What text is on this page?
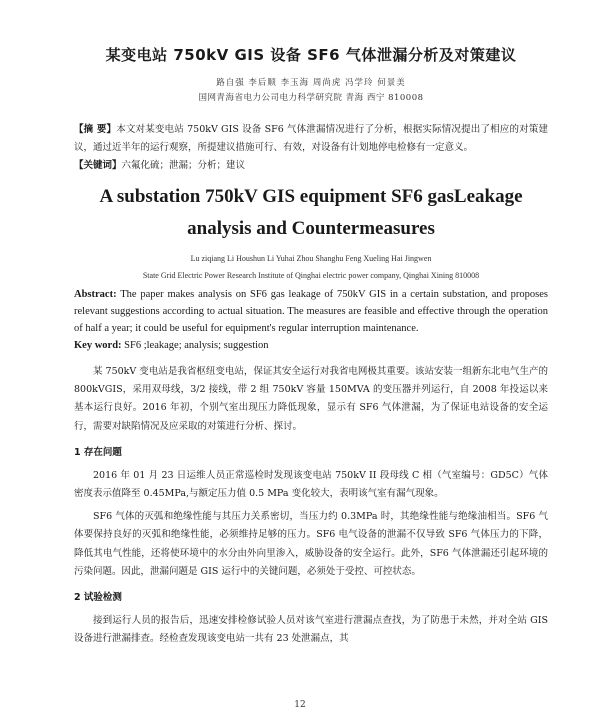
某变电站 750kV GIS 设备 SF6 气体泄漏分析及对策建议
路自强 李后顺 李玉海 周尚虎 冯学玲 何景美
国网青海省电力公司电力科学研究院 青海 西宁 810008

【摘 要】本文对某变电站 750kV GIS 设备 SF6 气体泄漏情况进行了分析，根据实际情况提出了相应的对策建议，通过近半年的运行观察，所提建议措施可行、有效，对设备有计划地停电检修有一定意义。

【关键词】六氟化硫；泄漏；分析；建议

A substation 750kV GIS equipment SF6 gasLeakage analysis and Countermeasures
Lu ziqiang Li Houshun Li Yuhai Zhou Shanghu Feng Xueling Hai Jingwen
State Grid Electric Power Research Institute of Qinghai electric power company, Qinghai Xining 810008

Abstract: The paper makes analysis on SF6 gas leakage of 750kV GIS in a certain substation, and proposes relevant suggestions according to actual situation. The measures are feasible and effective through the operation of half a year; it could be useful for equipment's regular interruption maintenance.

Key word: SF6 ;leakage; analysis; suggestion

某 750kV 变电站是我省枢纽变电站，保证其安全运行对我省电网极其重要。该站安装一组新东北电气生产的 800kVGIS，采用双母线，3/2 接线，带 2 组 750kV 容量 150MVA 的变压器并列运行，自 2008 年投运以来基本运行良好。2016 年初，个别气室出现压力降低现象，显示有 SF6 气体泄漏，为了保证电站设备的安全运行，需要对缺陷情况及应采取的对策进行分析、探讨。

1 存在问题

2016 年 01 月 23 日运维人员正常巡检时发现该变电站 750kV II 段母线 C 相（气室编号：GD5C）气体密度表示值降至 0.45MPa,与额定压力值 0.5 MPa 变化较大，表明该气室有漏气现象。

SF6 气体的灭弧和绝缘性能与其压力关系密切，当压力约 0.3MPa 时，其绝缘性能与绝缘油相当。SF6 气体要保持良好的灭弧和绝缘性能，必须维持足够的压力。SF6 电气设备的泄漏不仅导致 SF6 气体压力的下降，降低其电气性能，还将使环境中的水分由外向里渗入，威胁设备的安全运行。此外，SF6 气体泄漏还引起环境的污染问题。因此，泄漏问题是 GIS 运行中的关键问题，必须处于受控、可控状态。

2 试验检测

接到运行人员的报告后，迅速安排检修试验人员对该气室进行泄漏点查找，为了防患于未然，并对全站 GIS 设备进行泄漏排查。经检查发现该变电站一共有 23 处泄漏点，其

12
